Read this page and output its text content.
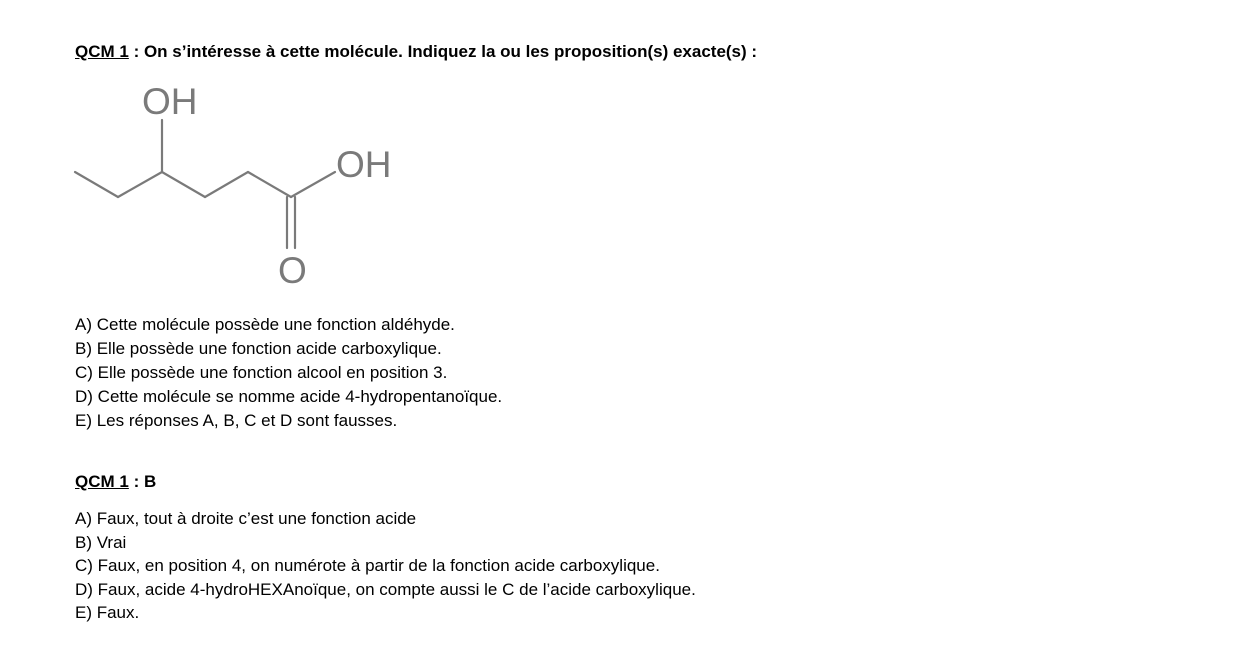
QCM 1 : On s’intéresse à cette molécule. Indiquez la ou les proposition(s) exacte(s) :
OH
OH
O
A) Cette molécule possède une fonction aldéhyde.
B) Elle possède une fonction acide carboxylique.
C) Elle possède une fonction alcool en position 3.
D) Cette molécule se nomme acide 4-hydropentanoïque.
E) Les réponses A, B, C et D sont fausses.
QCM 1 : B
A) Faux, tout à droite c’est une fonction acide
B) Vrai
C) Faux, en position 4, on numérote à partir de la fonction acide carboxylique.
D) Faux, acide 4-hydroHEXAnoïque, on compte aussi le C de l’acide carboxylique.
E) Faux.
